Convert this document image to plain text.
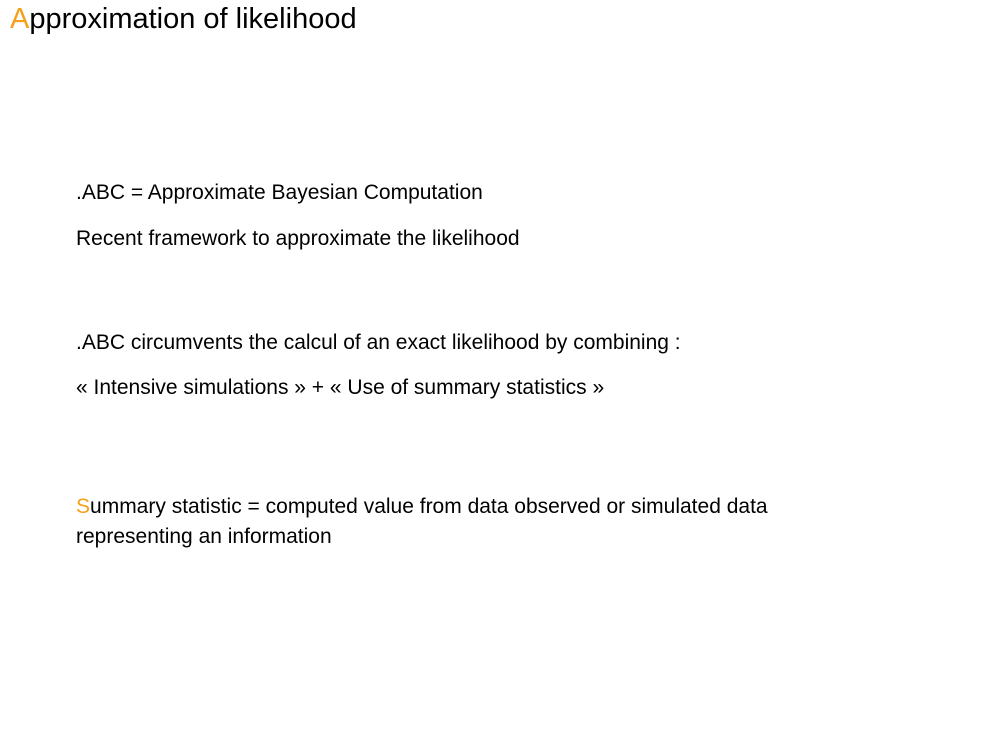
Approximation of likelihood
.ABC = Approximate Bayesian Computation
Recent framework to approximate the likelihood
.ABC circumvents the calcul of an exact likelihood by combining :
« Intensive simulations » + « Use of summary statistics »
Summary statistic = computed value from data observed or simulated data
representing an information
